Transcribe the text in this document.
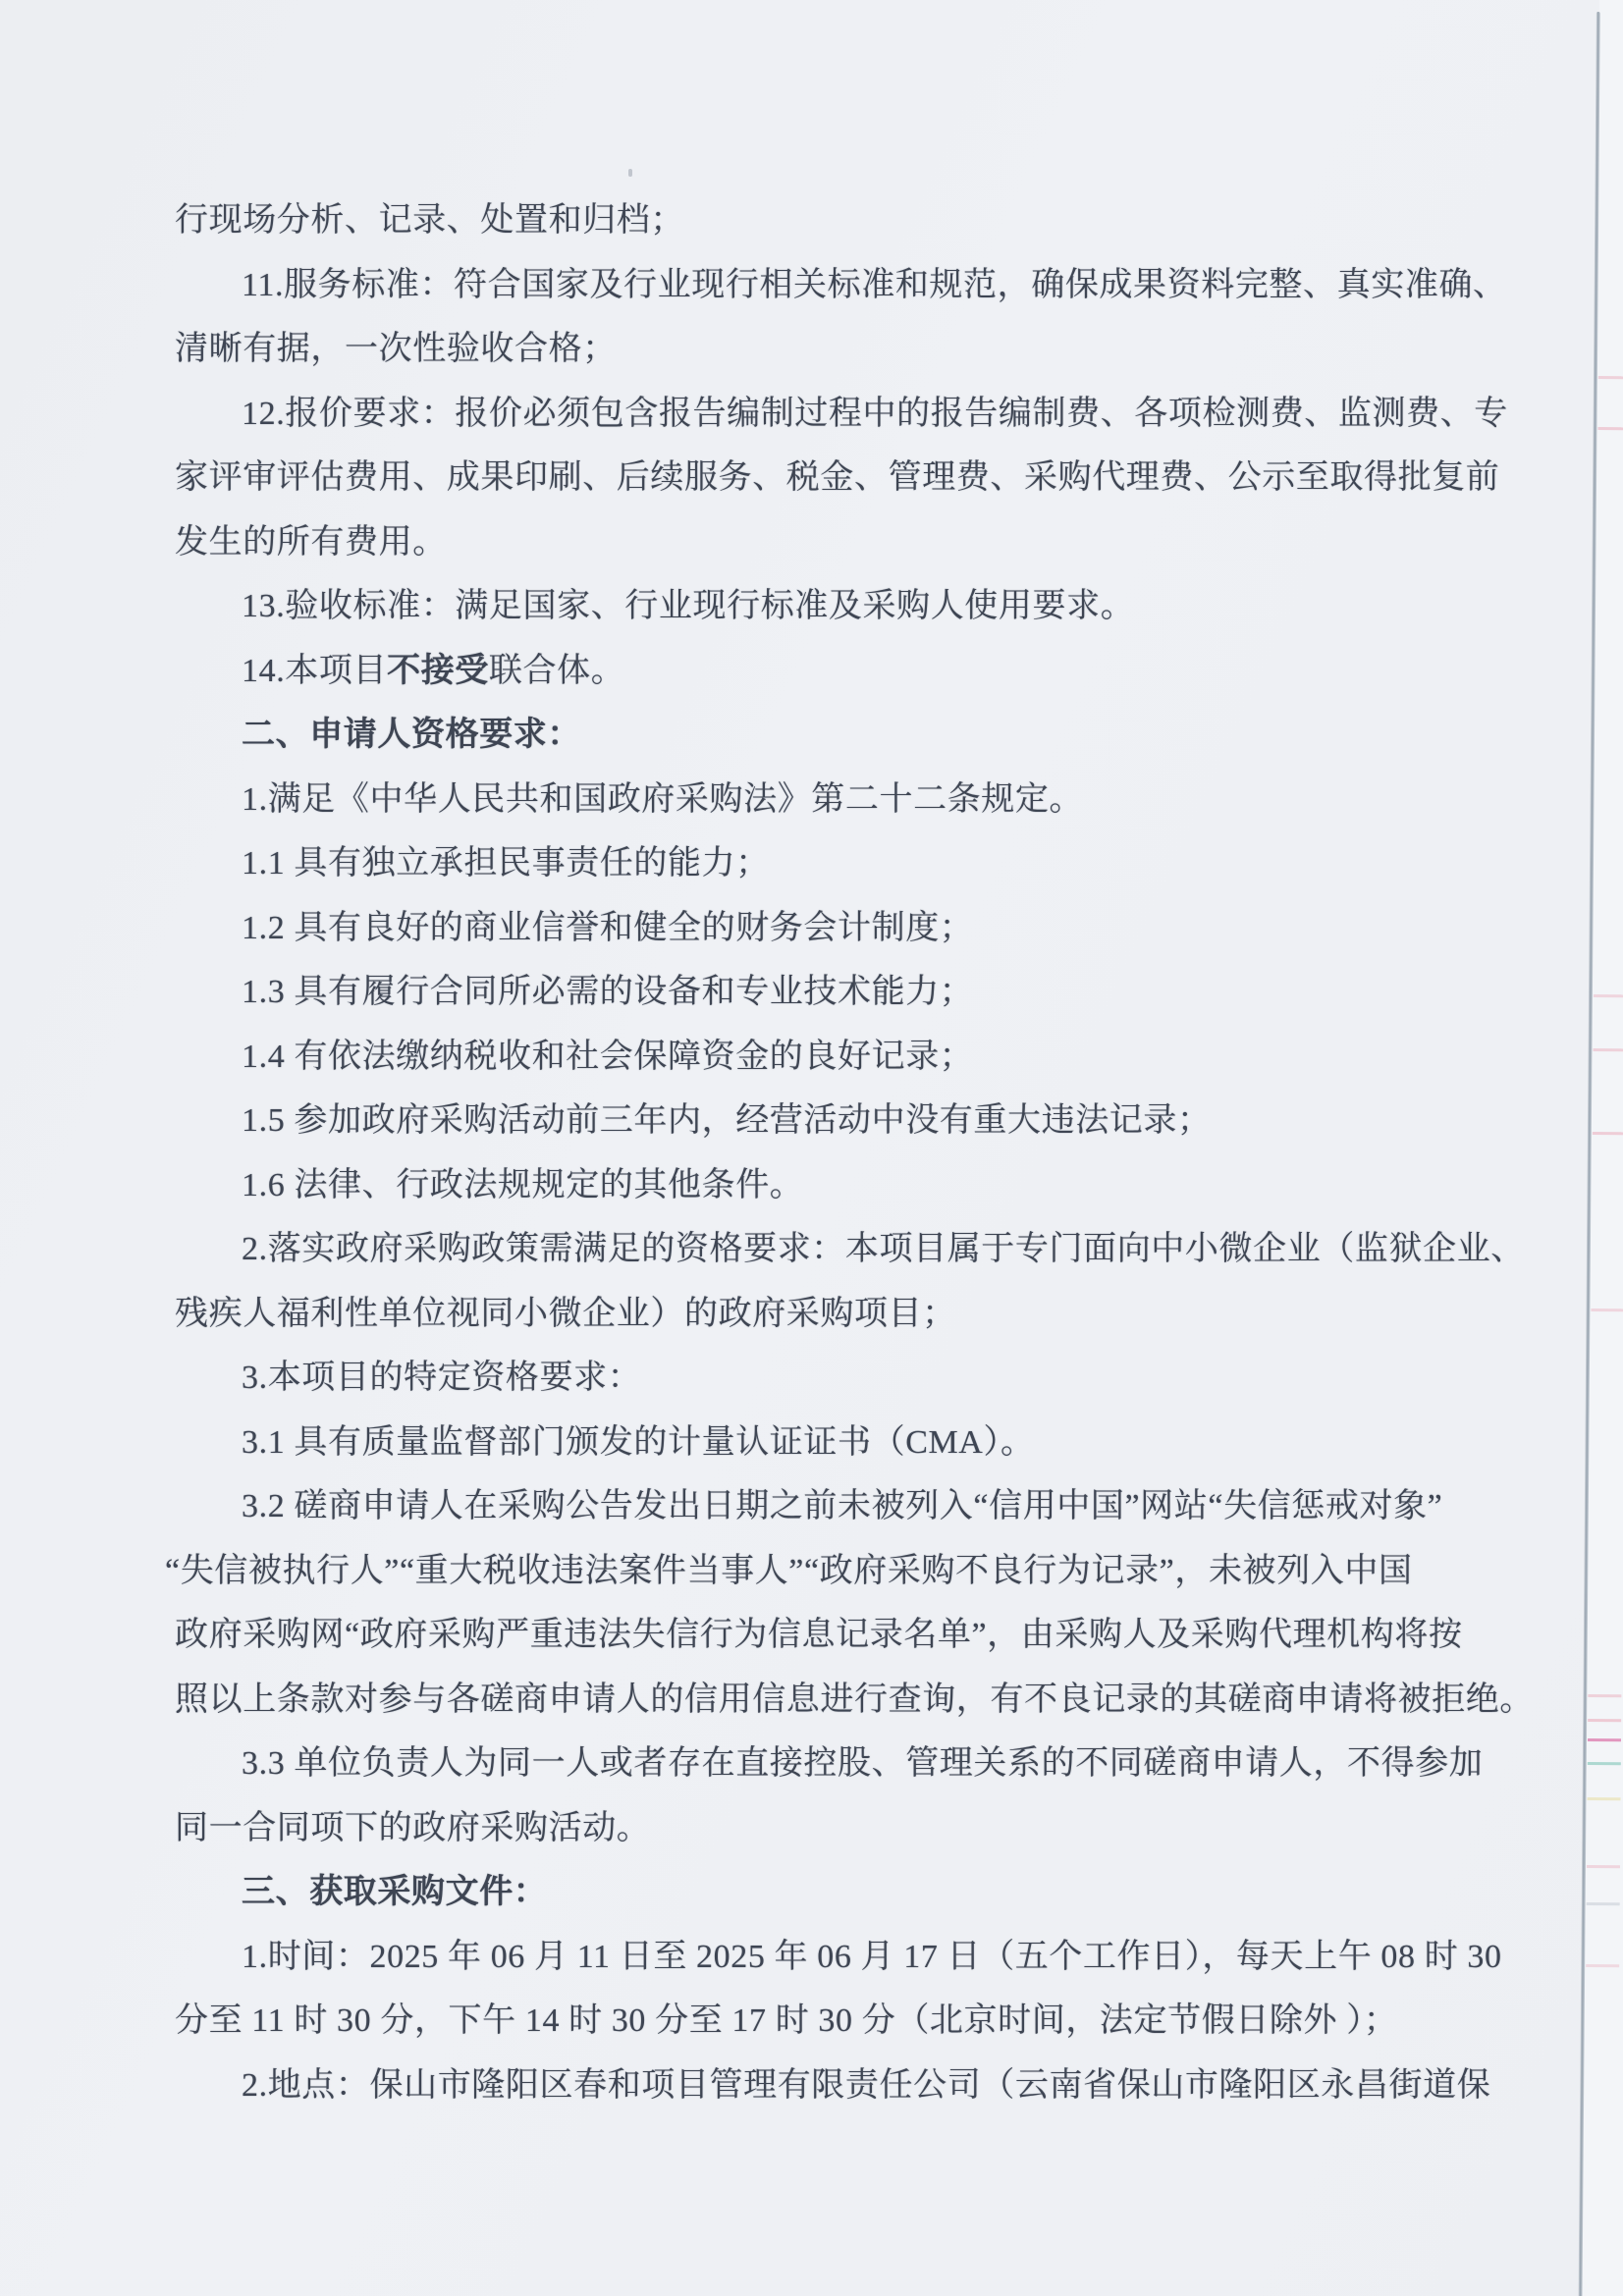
行现场分析、记录、处置和归档；
11.服务标准：符合国家及行业现行相关标准和规范，确保成果资料完整、真实准确、
清晰有据，一次性验收合格；
12.报价要求：报价必须包含报告编制过程中的报告编制费、各项检测费、监测费、专
家评审评估费用、成果印刷、后续服务、税金、管理费、采购代理费、公示至取得批复前
发生的所有费用。
13.验收标准：满足国家、行业现行标准及采购人使用要求。
14.本项目不接受联合体。
二、申请人资格要求：
1.满足《中华人民共和国政府采购法》第二十二条规定。
1.1 具有独立承担民事责任的能力；
1.2 具有良好的商业信誉和健全的财务会计制度；
1.3 具有履行合同所必需的设备和专业技术能力；
1.4 有依法缴纳税收和社会保障资金的良好记录；
1.5 参加政府采购活动前三年内，经营活动中没有重大违法记录；
1.6 法律、行政法规规定的其他条件。
2.落实政府采购政策需满足的资格要求：本项目属于专门面向中小微企业（监狱企业、
残疾人福利性单位视同小微企业）的政府采购项目；
3.本项目的特定资格要求：
3.1 具有质量监督部门颁发的计量认证证书（CMA）。
3.2 磋商申请人在采购公告发出日期之前未被列入“信用中国”网站“失信惩戒对象”
“失信被执行人”“重大税收违法案件当事人”“政府采购不良行为记录”，未被列入中国
政府采购网“政府采购严重违法失信行为信息记录名单”，由采购人及采购代理机构将按
照以上条款对参与各磋商申请人的信用信息进行查询，有不良记录的其磋商申请将被拒绝。
3.3 单位负责人为同一人或者存在直接控股、管理关系的不同磋商申请人，不得参加
同一合同项下的政府采购活动。
三、获取采购文件：
1.时间：2025 年 06 月 11 日至 2025 年 06 月 17 日（五个工作日），每天上午 08 时 30
分至 11 时 30 分，下午 14 时 30 分至 17 时 30 分（北京时间，法定节假日除外 ）；
2.地点：保山市隆阳区春和项目管理有限责任公司（云南省保山市隆阳区永昌街道保
